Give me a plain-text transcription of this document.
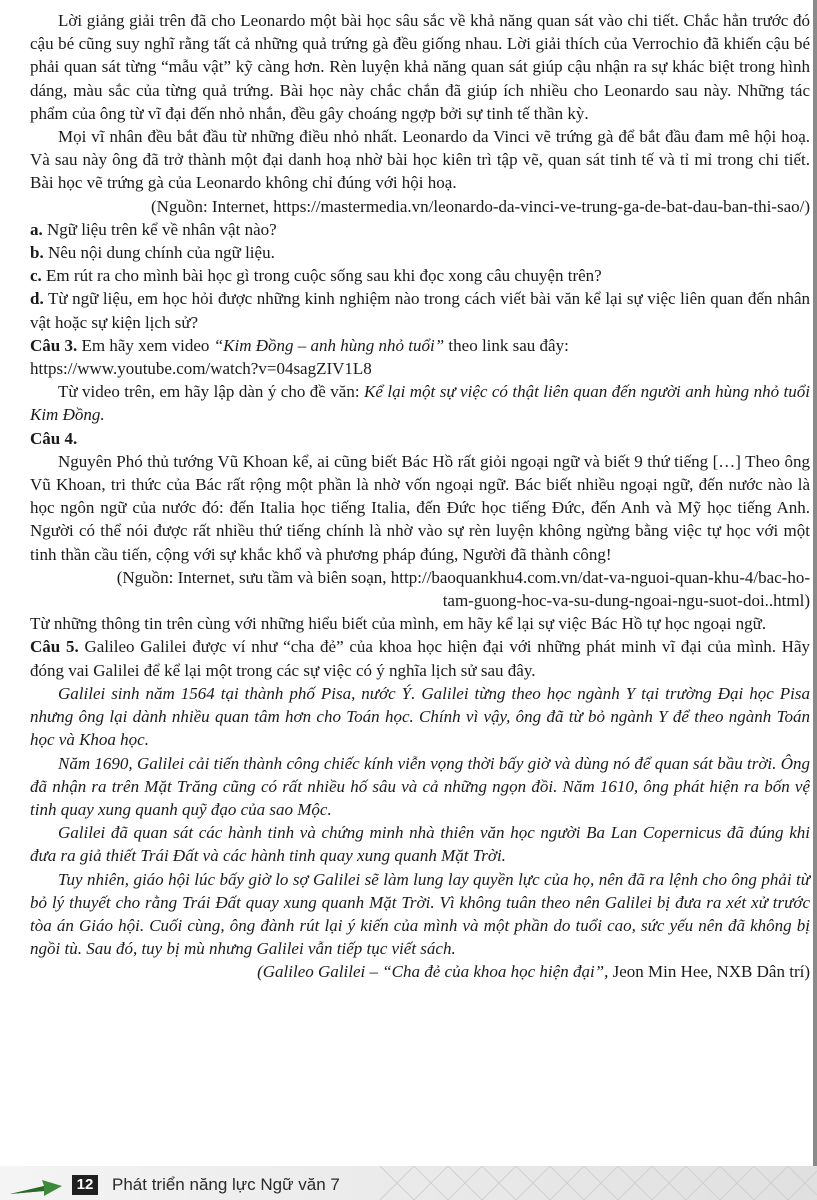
Lời giảng giải trên đã cho Leonardo một bài học sâu sắc về khả năng quan sát vào chi tiết. Chắc hẳn trước đó cậu bé cũng suy nghĩ rằng tất cả những quả trứng gà đều giống nhau. Lời giải thích của Verrochio đã khiến cậu bé phải quan sát từng “mẫu vật” kỹ càng hơn. Rèn luyện khả năng quan sát giúp cậu nhận ra sự khác biệt trong hình dáng, màu sắc của từng quả trứng. Bài học này chắc chắn đã giúp ích nhiều cho Leonardo sau này. Những tác phẩm của ông từ vĩ đại đến nhỏ nhắn, đều gây choáng ngợp bởi sự tinh tế thần kỳ.

Mọi vĩ nhân đều bắt đầu từ những điều nhỏ nhất. Leonardo da Vinci vẽ trứng gà để bắt đầu đam mê hội hoạ. Và sau này ông đã trở thành một đại danh hoạ nhờ bài học kiên trì tập vẽ, quan sát tinh tế và tỉ mỉ trong chi tiết. Bài học vẽ trứng gà của Leonardo không chỉ đúng với hội hoạ.

(Nguồn: Internet, https://mastermedia.vn/leonardo-da-vinci-ve-trung-ga-de-bat-dau-ban-thi-sao/)

a. Ngữ liệu trên kể về nhân vật nào?

b. Nêu nội dung chính của ngữ liệu.

c. Em rút ra cho mình bài học gì trong cuộc sống sau khi đọc xong câu chuyện trên?

d. Từ ngữ liệu, em học hỏi được những kinh nghiệm nào trong cách viết bài văn kể lại sự việc liên quan đến nhân vật hoặc sự kiện lịch sử?

Câu 3. Em hãy xem video “Kim Đồng – anh hùng nhỏ tuổi” theo link sau đây:

https://www.youtube.com/watch?v=04sagZIV1L8

Từ video trên, em hãy lập dàn ý cho đề văn: Kể lại một sự việc có thật liên quan đến người anh hùng nhỏ tuổi Kim Đồng.

Câu 4.

Nguyên Phó thủ tướng Vũ Khoan kể, ai cũng biết Bác Hồ rất giỏi ngoại ngữ và biết 9 thứ tiếng […] Theo ông Vũ Khoan, tri thức của Bác rất rộng một phần là nhờ vốn ngoại ngữ. Bác biết nhiều ngoại ngữ, đến nước nào là học ngôn ngữ của nước đó: đến Italia học tiếng Italia, đến Đức học tiếng Đức, đến Anh và Mỹ học tiếng Anh. Người có thể nói được rất nhiều thứ tiếng chính là nhờ vào sự rèn luyện không ngừng bằng việc tự học với một tinh thần cầu tiến, cộng với sự khắc khổ và phương pháp đúng, Người đã thành công!

(Nguồn: Internet, sưu tầm và biên soạn, http://baoquankhu4.com.vn/dat-va-nguoi-quan-khu-4/bac-ho-

tam-guong-hoc-va-su-dung-ngoai-ngu-suot-doi..html)

Từ những thông tin trên cùng với những hiểu biết của mình, em hãy kể lại sự việc Bác Hồ tự học ngoại ngữ.

Câu 5. Galileo Galilei được ví như “cha đẻ” của khoa học hiện đại với những phát minh vĩ đại của mình. Hãy đóng vai Galilei để kể lại một trong các sự việc có ý nghĩa lịch sử sau đây.

Galilei sinh năm 1564 tại thành phố Pisa, nước Ý. Galilei từng theo học ngành Y tại trường Đại học Pisa nhưng ông lại dành nhiều quan tâm hơn cho Toán học. Chính vì vậy, ông đã từ bỏ ngành Y để theo ngành Toán học và Khoa học.

Năm 1690, Galilei cải tiến thành công chiếc kính viễn vọng thời bấy giờ và dùng nó để quan sát bầu trời. Ông đã nhận ra trên Mặt Trăng cũng có rất nhiều hố sâu và cả những ngọn đồi. Năm 1610, ông phát hiện ra bốn vệ tinh quay xung quanh quỹ đạo của sao Mộc.

Galilei đã quan sát các hành tinh và chứng minh nhà thiên văn học người Ba Lan Copernicus đã đúng khi đưa ra giả thiết Trái Đất và các hành tinh quay xung quanh Mặt Trời.

Tuy nhiên, giáo hội lúc bấy giờ lo sợ Galilei sẽ làm lung lay quyền lực của họ, nên đã ra lệnh cho ông phải từ bỏ lý thuyết cho rằng Trái Đất quay xung quanh Mặt Trời. Vì không tuân theo nên Galilei bị đưa ra xét xử trước tòa án Giáo hội. Cuối cùng, ông đành rút lại ý kiến của mình và một phần do tuổi cao, sức yếu nên đã không bị ngồi tù. Sau đó, tuy bị mù nhưng Galilei vẫn tiếp tục viết sách.

(Galileo Galilei – “Cha đẻ của khoa học hiện đại”, Jeon Min Hee, NXB Dân trí)

12 Phát triển năng lực Ngữ văn 7
